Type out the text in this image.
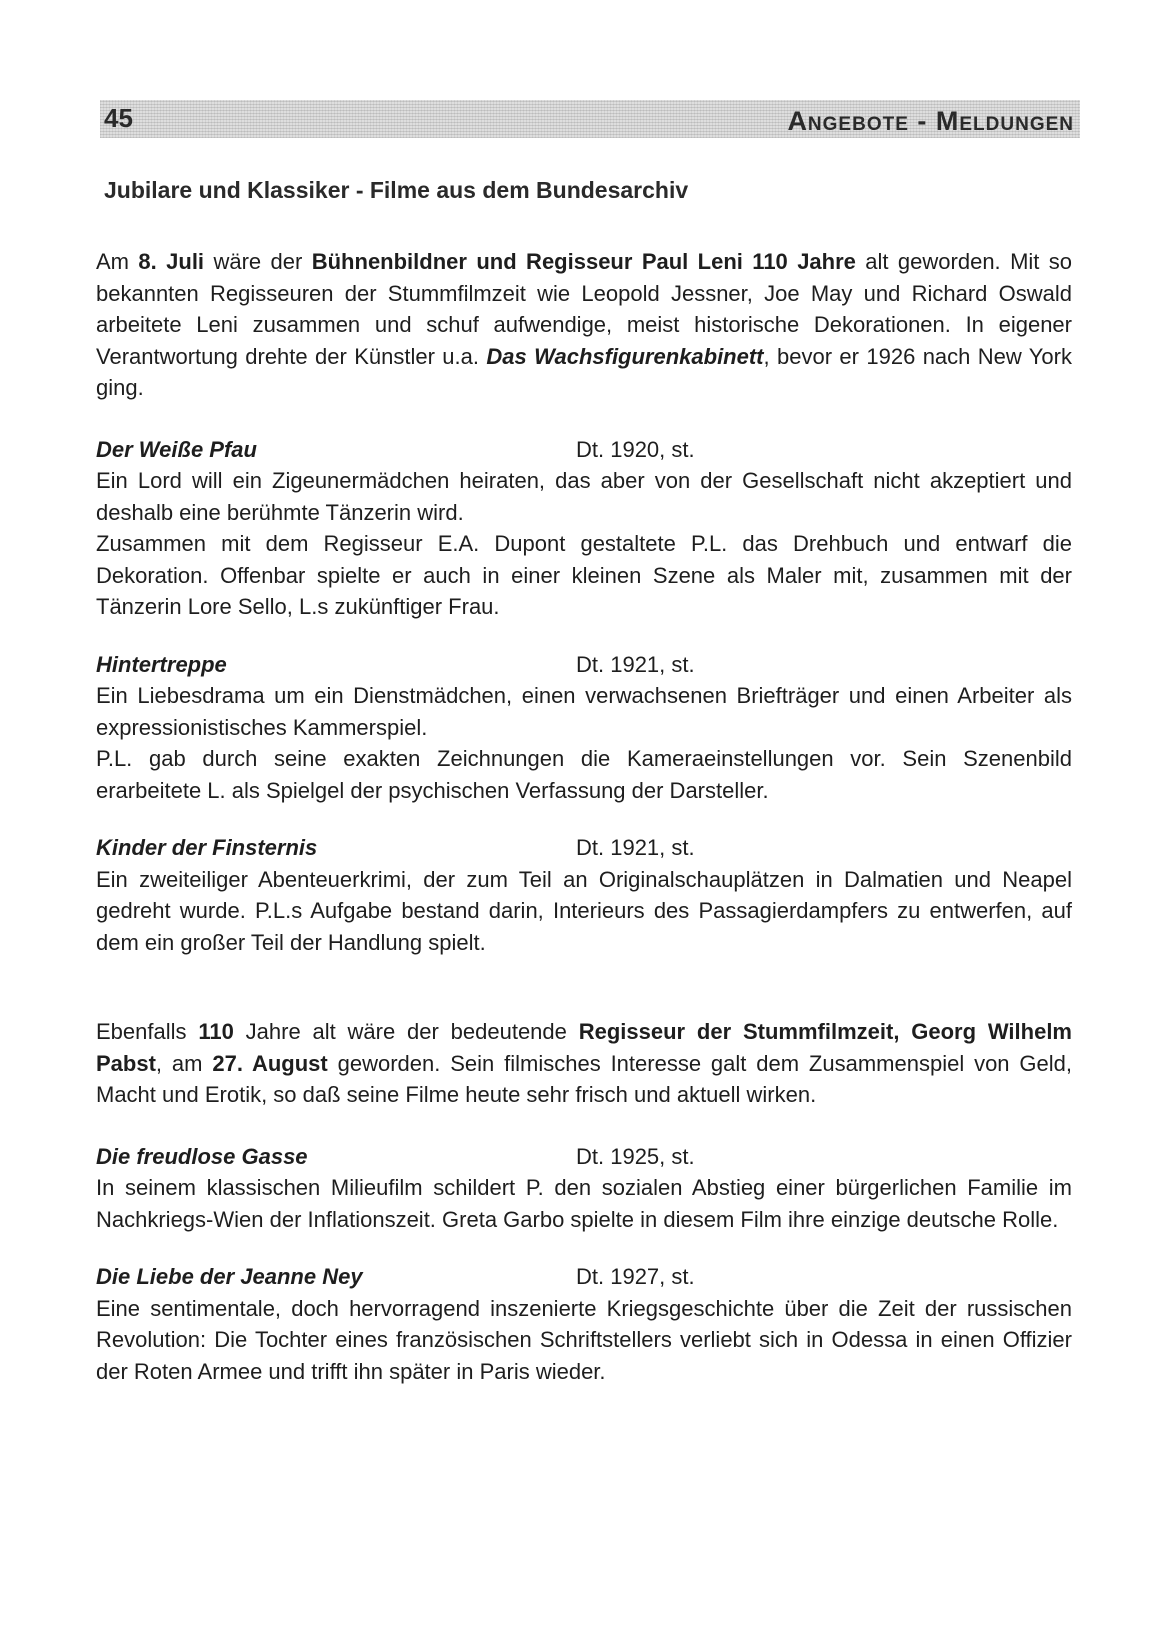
45	Angebote - Meldungen
Jubilare und Klassiker - Filme aus dem Bundesarchiv

Am 8. Juli wäre der Bühnenbildner und Regisseur Paul Leni 110 Jahre alt geworden. Mit so bekannten Regisseuren der Stummfilmzeit wie Leopold Jessner, Joe May und Richard Oswald arbeitete Leni zusammen und schuf aufwendige, meist historische Dekorationen. In eigener Verantwortung drehte der Künstler u.a. Das Wachsfigurenkabinett, bevor er 1926 nach New York ging.

Der Weiße Pfau	Dt. 1920, st.

Ein Lord will ein Zigeunermädchen heiraten, das aber von der Gesellschaft nicht akzeptiert und deshalb eine berühmte Tänzerin wird.

Zusammen mit dem Regisseur E.A. Dupont gestaltete P.L. das Drehbuch und entwarf die Dekoration. Offenbar spielte er auch in einer kleinen Szene als Maler mit, zusammen mit der Tänzerin Lore Sello, L.s zukünftiger Frau.

Hintertreppe	Dt. 1921, st.

Ein Liebesdrama um ein Dienstmädchen, einen verwachsenen Briefträger und einen Arbeiter als expressionistisches Kammerspiel.

P.L. gab durch seine exakten Zeichnungen die Kameraeinstellungen vor. Sein Szenenbild erarbeitete L. als Spielgel der psychischen Verfassung der Darsteller.

Kinder der Finsternis	Dt. 1921, st.

Ein zweiteiliger Abenteuerkrimi, der zum Teil an Originalschauplätzen in Dalmatien und Neapel gedreht wurde. P.L.s Aufgabe bestand darin, Interieurs des Passagierdampfers zu entwerfen, auf dem ein großer Teil der Handlung spielt.

Ebenfalls 110 Jahre alt wäre der bedeutende Regisseur der Stummfilmzeit, Georg Wilhelm Pabst, am 27. August geworden. Sein filmisches Interesse galt dem Zusammenspiel von Geld, Macht und Erotik, so daß seine Filme heute sehr frisch und aktuell wirken.

Die freudlose Gasse	Dt. 1925, st.

In seinem klassischen Milieufilm schildert P. den sozialen Abstieg einer bürgerlichen Familie im Nachkriegs-Wien der Inflationszeit. Greta Garbo spielte in diesem Film ihre einzige deutsche Rolle.

Die Liebe der Jeanne Ney	Dt. 1927, st.

Eine sentimentale, doch hervorragend inszenierte Kriegsgeschichte über die Zeit der russischen Revolution: Die Tochter eines französischen Schriftstellers verliebt sich in Odessa in einen Offizier der Roten Armee und trifft ihn später in Paris wieder.
